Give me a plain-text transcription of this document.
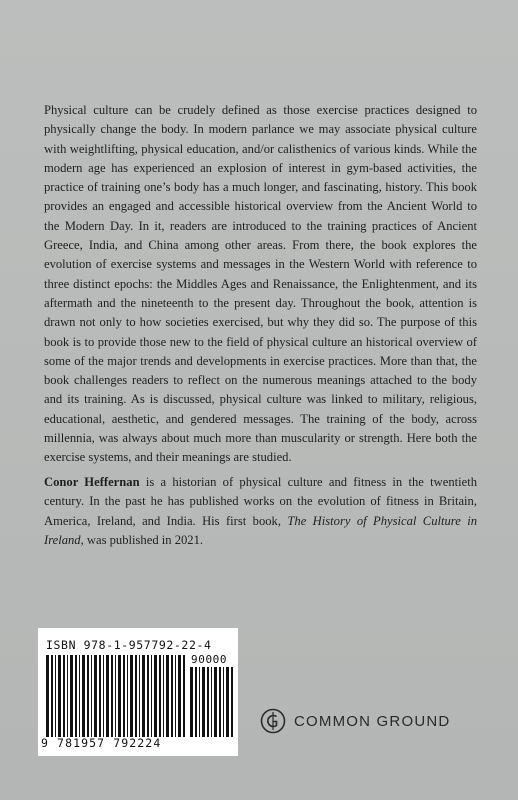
Physical culture can be crudely defined as those exercise practices designed to physically change the body. In modern parlance we may associate physical culture with weightlifting, physical education, and/or calisthenics of various kinds. While the modern age has experienced an explosion of interest in gym-based activities, the practice of training one’s body has a much longer, and fascinating, history. This book provides an engaged and accessible historical overview from the Ancient World to the Modern Day. In it, readers are introduced to the training practices of Ancient Greece, India, and China among other areas. From there, the book explores the evolution of exercise systems and messages in the Western World with reference to three distinct epochs: the Middles Ages and Renaissance, the Enlightenment, and its aftermath and the nineteenth to the present day. Throughout the book, attention is drawn not only to how societies exercised, but why they did so. The purpose of this book is to provide those new to the field of physical culture an historical overview of some of the major trends and developments in exercise practices. More than that, the book challenges readers to reflect on the numerous meanings attached to the body and its training. As is discussed, physical culture was linked to military, religious, educational, aesthetic, and gendered messages. The training of the body, across millennia, was always about much more than muscularity or strength. Here both the exercise systems, and their meanings are studied.

Conor Heffernan is a historian of physical culture and fitness in the twentieth century. In the past he has published works on the evolution of fitness in Britain, America, Ireland, and India. His first book, The History of Physical Culture in Ireland, was published in 2021.

ISBN 978-1-957792-22-4
90000
9 781957 792224
COMMON GROUND
